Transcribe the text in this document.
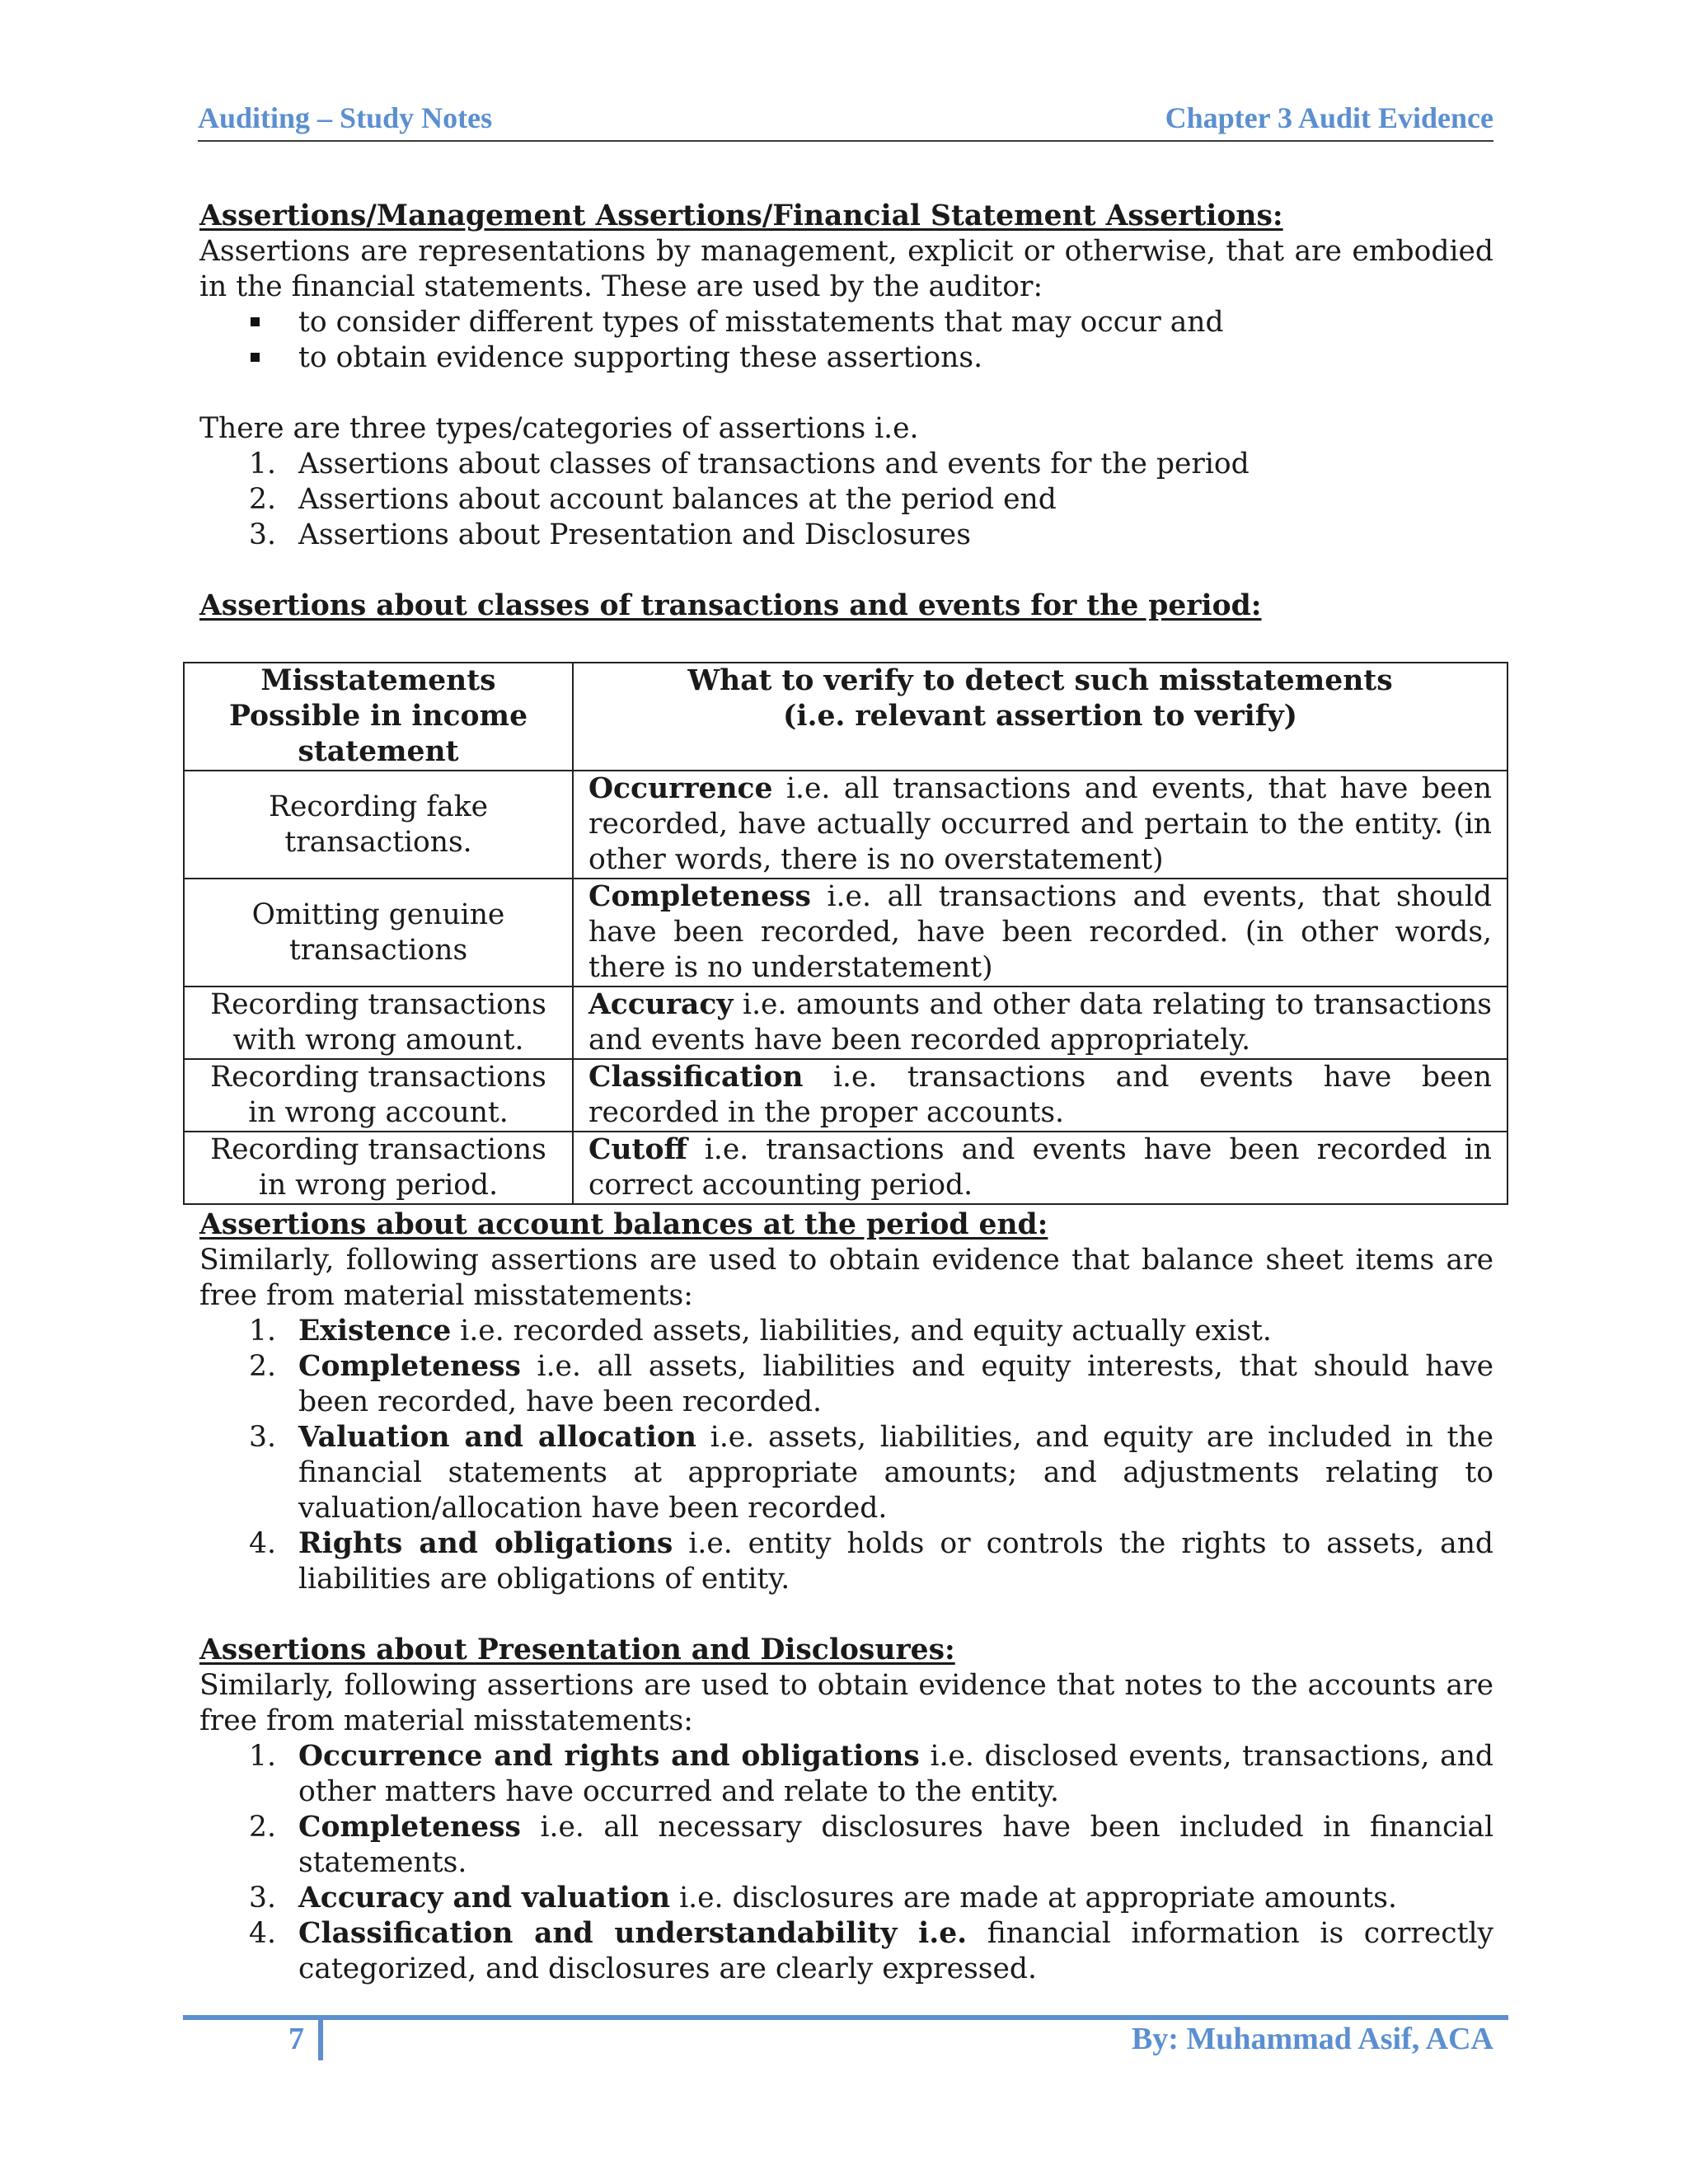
Auditing – Study Notes	Chapter 3 Audit Evidence
Assertions/Management Assertions/Financial Statement Assertions:
Assertions are representations by management, explicit or otherwise, that are embodied in the financial statements. These are used by the auditor:
to consider different types of misstatements that may occur and
to obtain evidence supporting these assertions.
There are three types/categories of assertions i.e.
1. Assertions about classes of transactions and events for the period
2. Assertions about account balances at the period end
3. Assertions about Presentation and Disclosures
Assertions about classes of transactions and events for the period:
Misstatements Possible in income statement	What to verify to detect such misstatements
(i.e. relevant assertion to verify)

Recording fake transactions.	Occurrence i.e. all transactions and events, that have been recorded, have actually occurred and pertain to the entity. (in other words, there is no overstatement)
Omitting genuine transactions	Completeness i.e. all transactions and events, that should have been recorded, have been recorded. (in other words, there is no understatement)
Recording transactions with wrong amount.	Accuracy i.e. amounts and other data relating to transactions and events have been recorded appropriately.
Recording transactions in wrong account.	Classification i.e. transactions and events have been recorded in the proper accounts.
Recording transactions in wrong period.	Cutoff i.e. transactions and events have been recorded in correct accounting period.
Assertions about account balances at the period end:
Similarly, following assertions are used to obtain evidence that balance sheet items are free from material misstatements:
1. Existence i.e. recorded assets, liabilities, and equity actually exist.
2. Completeness i.e. all assets, liabilities and equity interests, that should have been recorded, have been recorded.
3. Valuation and allocation i.e. assets, liabilities, and equity are included in the financial statements at appropriate amounts; and adjustments relating to valuation/allocation have been recorded.
4. Rights and obligations i.e. entity holds or controls the rights to assets, and liabilities are obligations of entity.
Assertions about Presentation and Disclosures:
Similarly, following assertions are used to obtain evidence that notes to the accounts are free from material misstatements:
1. Occurrence and rights and obligations i.e. disclosed events, transactions, and other matters have occurred and relate to the entity.
2. Completeness i.e. all necessary disclosures have been included in financial statements.
3. Accuracy and valuation i.e. disclosures are made at appropriate amounts.
4. Classification and understandability i.e. financial information is correctly categorized, and disclosures are clearly expressed.
7	By: Muhammad Asif, ACA
